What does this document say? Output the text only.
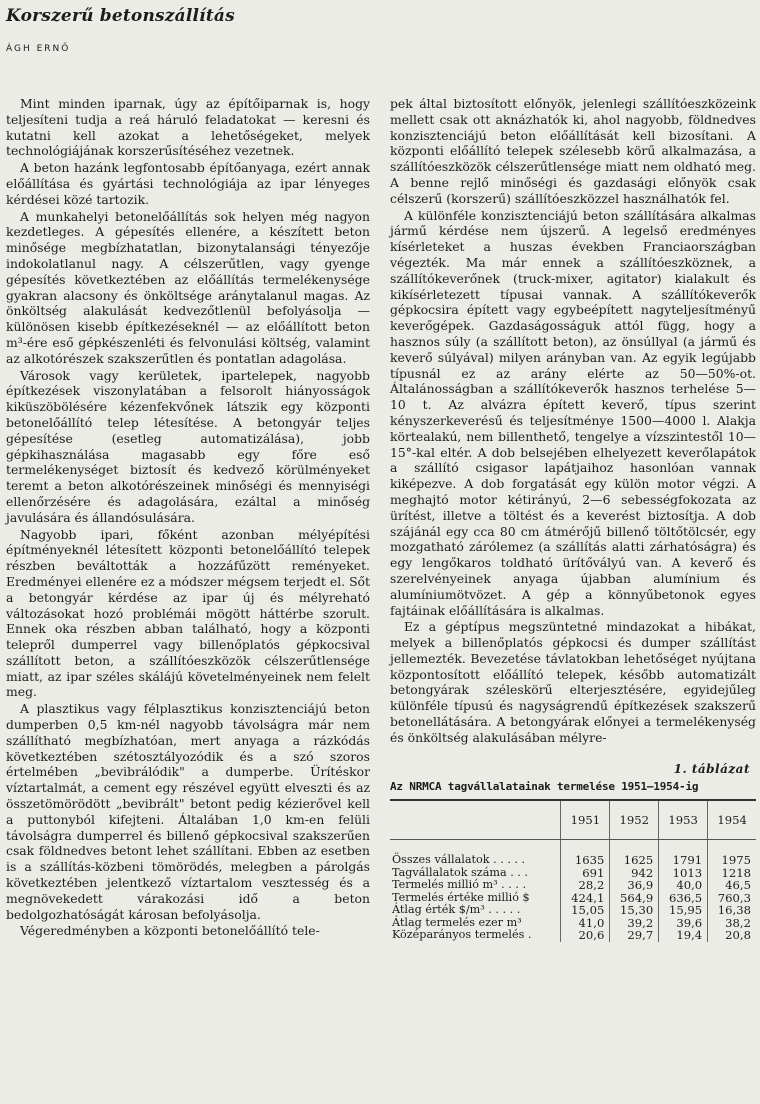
Korszerű betonszállítás
ÁGH ERNŐ

Mint minden iparnak, úgy az építőiparnak is, hogy teljesíteni tudja a reá háruló feladatokat — keresni és kutatni kell azokat a lehetőségeket, melyek technológiájának korszerűsítéséhez vezetnek.

A beton hazánk legfontosabb építőanyaga, ezért annak előállítása és gyártási technológiája az ipar lényeges kérdései közé tartozik.

A munkahelyi betonelőállítás sok helyen még nagyon kezdetleges. A gépesítés ellenére, a készített beton minősége megbízhatatlan, bizonytalansági tényezője indokolatlanul nagy. A célszerűtlen, vagy gyenge gépesítés következtében az előállítás termelékenysége gyakran alacsony és önköltsége aránytalanul magas. Az önköltség alakulását kedvezőtlenül befolyásolja — különösen kisebb építkezéseknél — az előállított beton m³-ére eső gépkészenléti és felvonulási költség, valamint az alkotórészek szakszerűtlen és pontatlan adagolása.

Városok vagy kerületek, ipartelepek, nagyobb építkezések viszonylatában a felsorolt hiányosságok kiküszöbölésére kézenfekvőnek látszik egy központi betonelőállító telep létesítése. A betongyár teljes gépesítése (esetleg automatizálása), jobb gépkihasználása magasabb egy főre eső termelékenységet biztosít és kedvező körülményeket teremt a beton alkotórészeinek minőségi és mennyiségi ellenőrzésére és adagolására, ezáltal a minőség javulására és állandósulására.

Nagyobb ipari, főként azonban mélyépítési építményeknél létesített központi betonelőállító telepek részben beváltották a hozzáfűzött reményeket. Eredményei ellenére ez a módszer mégsem terjedt el. Sőt a betongyár kérdése az ipar új és mélyreható változásokat hozó problémái mögött háttérbe szorult. Ennek oka részben abban található, hogy a központi telepről dumperrel vagy billenőplatós gépkocsival szállított beton, a szállítóeszközök célszerűtlensége miatt, az ipar széles skálájú követelményeinek nem felelt meg.

A plasztikus vagy félplasztikus konzisztenciájú beton dumperben 0,5 km-nél nagyobb távolságra már nem szállítható megbízhatóan, mert anyaga a rázkódás következtében szétosztályozódik és a szó szoros értelmében „bevibrálódik" a dumperbe. Ürítéskor víztartalmát, a cement egy részével együtt elveszti és az összetömörödött „bevibrált" betont pedig kézierővel kell a puttonyból kifejteni. Általában 1,0 km-en felüli távolságra dumperrel és billenő gépkocsival szakszerűen csak földnedves betont lehet szállítani. Ebben az esetben is a szállítás-közbeni tömörödés, melegben a párolgás következtében jelentkező víztartalom vesztesség és a megnövekedett várakozási idő a beton bedolgozhatóságát károsan befolyásolja.

Végeredményben a központi betonelőállító tele-

pek által biztosított előnyök, jelenlegi szállítóeszközeink mellett csak ott aknázhatók ki, ahol nagyobb, földnedves konzisztenciájú beton előállítását kell bizosítani. A központi előállító telepek szélesebb körű alkalmazása, a szállítóeszközök célszerűtlensége miatt nem oldható meg. A benne rejlő minőségi és gazdasági előnyök csak célszerű (korszerű) szállítóeszközzel használhatók fel.

A különféle konzisztenciájú beton szállítására alkalmas jármű kérdése nem újszerű. A legelső eredményes kísérleteket a huszas években Franciaországban végezték. Ma már ennek a szállítóeszköznek, a szállítókeverőnek (truck-mixer, agitator) kialakult és kikísérletezett típusai vannak. A szállítókeverők gépkocsira épített vagy egybeépített nagyteljesítményű keverőgépek. Gazdaságosságuk attól függ, hogy a hasznos súly (a szállított beton), az önsúllyal (a jármű és keverő súlyával) milyen arányban van. Az egyik legújabb típusnál ez az arány elérte az 50—50%-ot. Általánosságban a szállítókeverők hasznos terhelése 5—10 t. Az alvázra épített keverő, típus szerint kényszerkeverésű és teljesítménye 1500—4000 l. Alakja körtealakú, nem billenthető, tengelye a vízszintestől 10—15°-kal eltér. A dob belsejében elhelyezett keverőlapátok a szállító csigasor lapátjaihoz hasonlóan vannak kiképezve. A dob forgatását egy külön motor végzi. A meghajtó motor kétirányú, 2—6 sebességfokozata az ürítést, illetve a töltést és a keverést biztosítja. A dob szájánál egy cca 80 cm átmérőjű billenő töltőtölcsér, egy mozgatható zárólemez (a szállítás alatti zárhatóságra) és egy lengőkaros toldható ürítővályú van. A keverő és szerelvényeinek anyaga újabban alumínium és alumíniumötvözet. A gép a könnyűbetonok egyes fajtáinak előállítására is alkalmas.

Ez a géptípus megszüntetné mindazokat a hibákat, melyek a billenőplatós gépkocsi és dumper szállítást jellemezték. Bevezetése távlatokban lehetőséget nyújtana központosított előállító telepek, később automatizált betongyárak széleskörű elterjesztésére, egyidejűleg különféle típusú és nagyságrendű építkezések szakszerű betonellátására. A betongyárak előnyei a termelékenység és önköltség alakulásában mélyre-

1. táblázat
Az NRMCA tagvállalatainak termelése 1951—1954-ig
	1951	1952	1953	1954

Összes vállalatok . . . . .	1635	1625	1791	1975
Tagvállalatok száma . . .	691	942	1013	1218
Termelés millió m³ . . . .	28,2	36,9	40,0	46,5
Termelés értéke millió $	424,1	564,9	636,5	760,3
Átlag érték $/m³ . . . . .	15,05	15,30	15,95	16,38
Átlag termelés ezer m³	41,0	39,2	39,6	38,2
Középarányos termelés .	20,6	29,7	19,4	20,8
